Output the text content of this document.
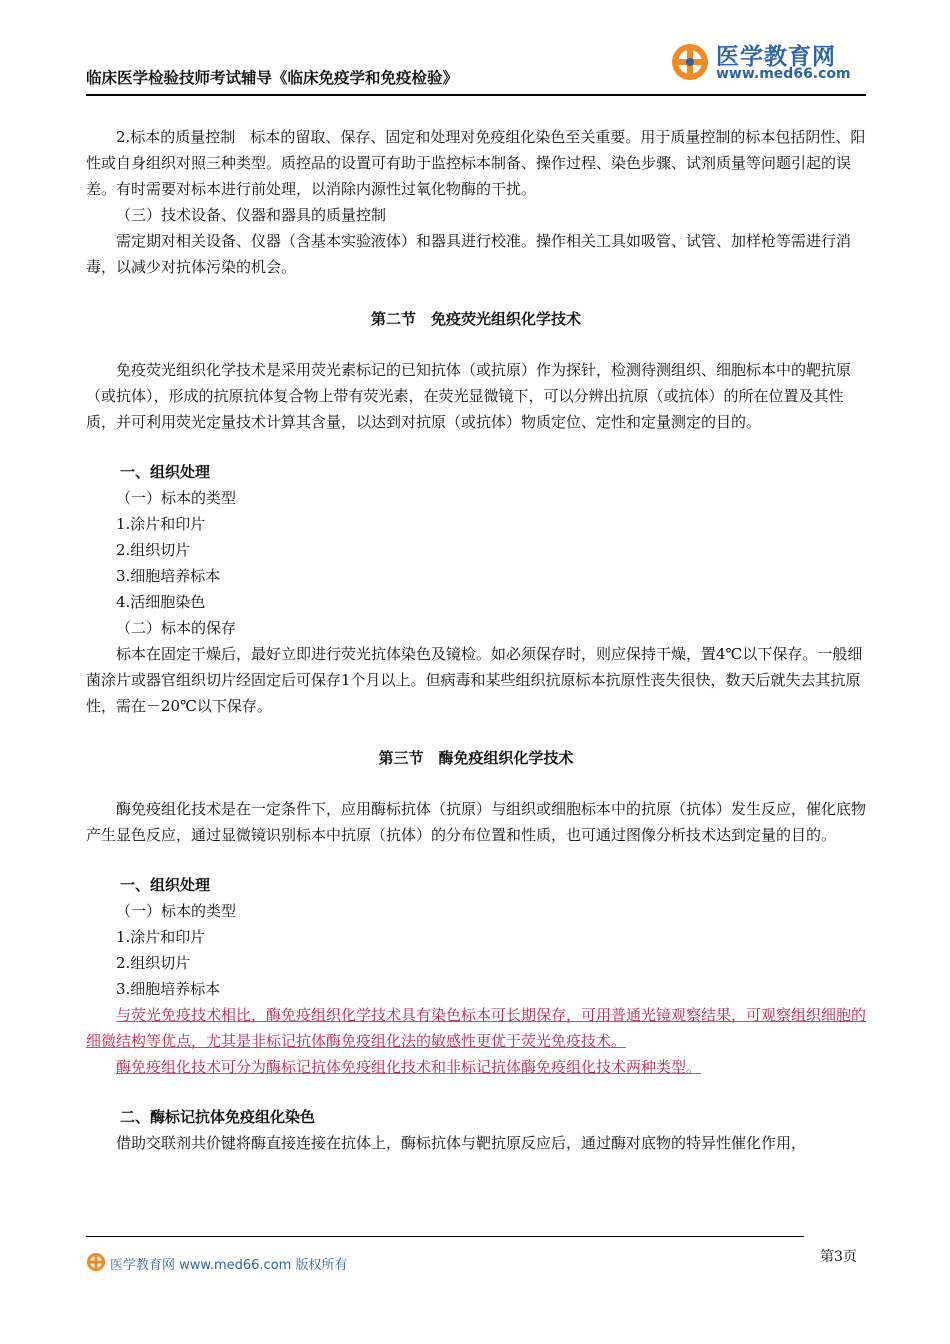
临床医学检验技师考试辅导《临床免疫学和免疫检验》
医学教育网
www.med66.com

2.标本的质量控制　标本的留取、保存、固定和处理对免疫组化染色至关重要。用于质量控制的标本包括阴性、阳性或自身组织对照三种类型。质控品的设置可有助于监控标本制备、操作过程、染色步骤、试剂质量等问题引起的误差。有时需要对标本进行前处理，以消除内源性过氧化物酶的干扰。

（三）技术设备、仪器和器具的质量控制

需定期对相关设备、仪器（含基本实验液体）和器具进行校准。操作相关工具如吸管、试管、加样枪等需进行消毒，以减少对抗体污染的机会。

第二节　免疫荧光组织化学技术

免疫荧光组织化学技术是采用荧光素标记的已知抗体（或抗原）作为探针，检测待测组织、细胞标本中的靶抗原（或抗体），形成的抗原抗体复合物上带有荧光素，在荧光显微镜下，可以分辨出抗原（或抗体）的所在位置及其性质，并可利用荧光定量技术计算其含量，以达到对抗原（或抗体）物质定位、定性和定量测定的目的。

一、组织处理

（一）标本的类型

1.涂片和印片

2.组织切片

3.细胞培养标本

4.活细胞染色

（二）标本的保存

标本在固定干燥后，最好立即进行荧光抗体染色及镜检。如必须保存时，则应保持干燥，置4℃以下保存。一般细菌涂片或器官组织切片经固定后可保存1个月以上。但病毒和某些组织抗原标本抗原性丧失很快，数天后就失去其抗原性，需在－20℃以下保存。

第三节　酶免疫组织化学技术

酶免疫组化技术是在一定条件下，应用酶标抗体（抗原）与组织或细胞标本中的抗原（抗体）发生反应，催化底物产生显色反应，通过显微镜识别标本中抗原（抗体）的分布位置和性质，也可通过图像分析技术达到定量的目的。

一、组织处理

（一）标本的类型

1.涂片和印片

2.组织切片

3.细胞培养标本

与荧光免疫技术相比，酶免疫组织化学技术具有染色标本可长期保存，可用普通光镜观察结果，可观察组织细胞的细微结构等优点，尤其是非标记抗体酶免疫组化法的敏感性更优于荧光免疫技术。

酶免疫组化技术可分为酶标记抗体免疫组化技术和非标记抗体酶免疫组化技术两种类型。

二、酶标记抗体免疫组化染色

借助交联剂共价键将酶直接连接在抗体上，酶标抗体与靶抗原反应后，通过酶对底物的特异性催化作用，

医学教育网 www.med66.com 版权所有
第3页
